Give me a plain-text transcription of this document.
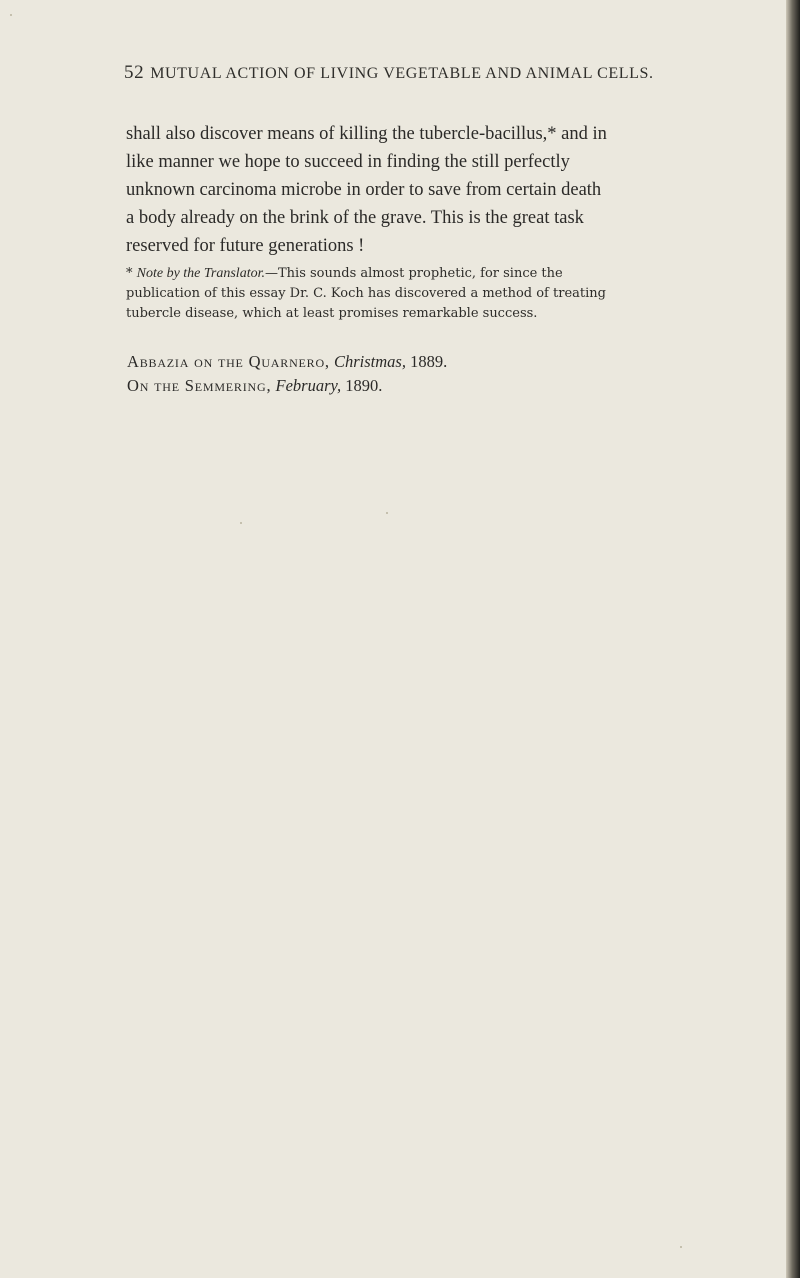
52 MUTUAL ACTION OF LIVING VEGETABLE AND ANIMAL CELLS.
shall also discover means of killing the tubercle-bacillus,* and in
like manner we hope to succeed in finding the still perfectly
unknown carcinoma microbe in order to save from certain death
a body already on the brink of the grave. This is the great task
reserved for future generations !
* Note by the Translator.—This sounds almost prophetic, for since the
publication of this essay Dr. C. Koch has discovered a method of treating
tubercle disease, which at least promises remarkable success.
Abbazia on the Quarnero, Christmas, 1889.
On the Semmering, February, 1890.
